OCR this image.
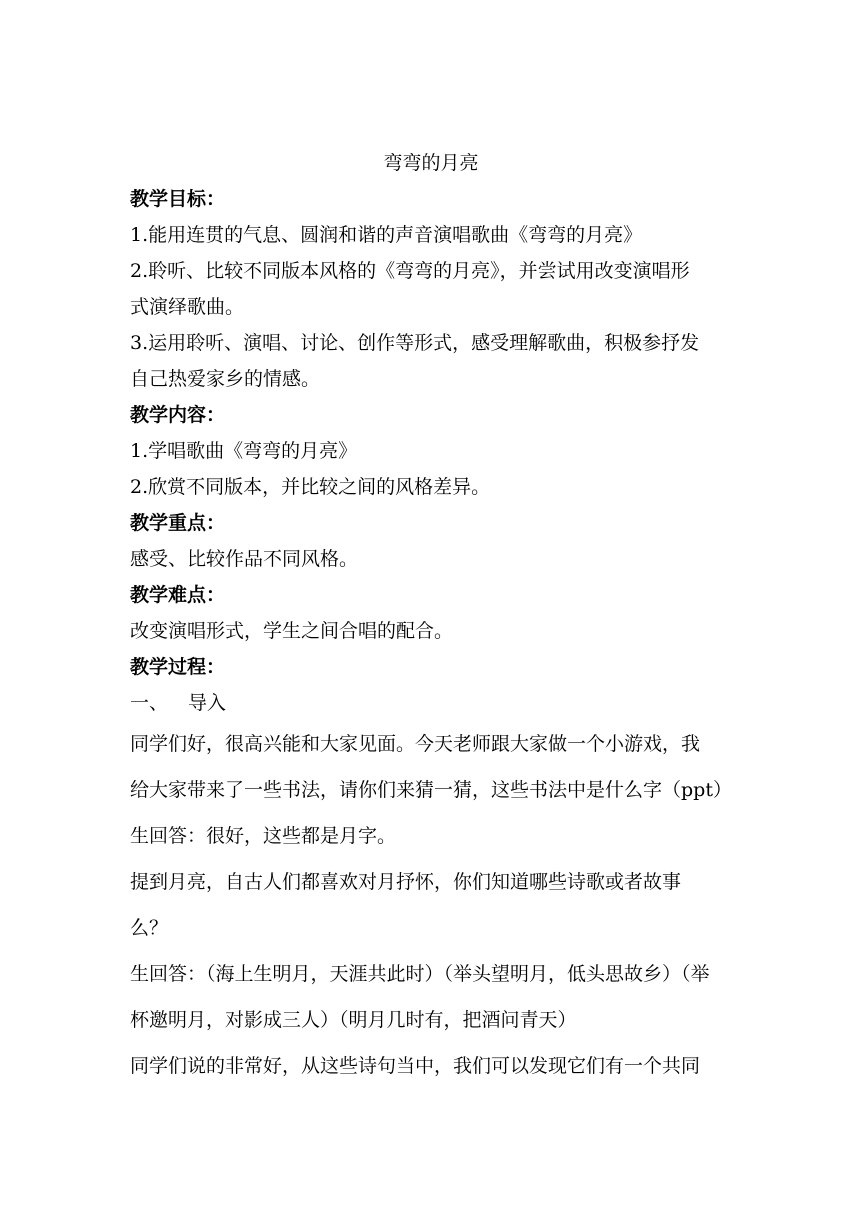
弯弯的月亮
教学目标：
1.能用连贯的气息、圆润和谐的声音演唱歌曲《弯弯的月亮》
2.聆听、比较不同版本风格的《弯弯的月亮》，并尝试用改变演唱形
式演绎歌曲。
3.运用聆听、演唱、讨论、创作等形式，感受理解歌曲，积极参抒发
自己热爱家乡的情感。
教学内容：
1.学唱歌曲《弯弯的月亮》
2.欣赏不同版本，并比较之间的风格差异。
教学重点：
感受、比较作品不同风格。
教学难点：
改变演唱形式，学生之间合唱的配合。
教学过程：
一、 导入
同学们好，很高兴能和大家见面。今天老师跟大家做一个小游戏，我
给大家带来了一些书法，请你们来猜一猜，这些书法中是什么字（ppt）
生回答：很好，这些都是月字。
提到月亮，自古人们都喜欢对月抒怀，你们知道哪些诗歌或者故事
么？
生回答：（海上生明月，天涯共此时）（举头望明月，低头思故乡）（举
杯邀明月，对影成三人）（明月几时有，把酒问青天）
同学们说的非常好，从这些诗句当中，我们可以发现它们有一个共同
